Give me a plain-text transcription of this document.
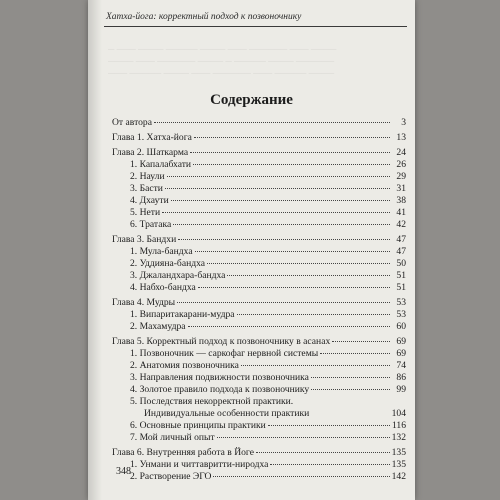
Хатха-йога: корректный подход к позвоночнику
─ ─── ──── ───── ──── ─── ────── ─── ────
──── ─── ────── ──── ─ ───── ──── ──────
─── ───── ──── ─── ────── ─── ───── ────
Содержание
От автора	3
Глава 1. Хатха-йога	13
Глава 2. Шаткарма	24
1. Капалабхати	26
2. Наули	29
3. Басти	31
4. Дхаути	38
5. Нети	41
6. Тратака	42
Глава 3. Бандхи	47
1. Мула-бандха	47
2. Уддияна-бандха	50
3. Джаландхара-бандха	51
4. Набхо-бандха	51
Глава 4. Мудры	53
1. Випаритакарани-мудра	53
2. Махамудра	60
Глава 5. Корректный подход к позвоночнику в асанах	69
1. Позвоночник — саркофаг нервной системы	69
2. Анатомия позвоночника	74
3. Направления подвижности позвоночника	86
4. Золотое правило подхода к позвоночнику	99
5. Последствия некорректной практики.
Индивидуальные особенности практики	104
6. Основные принципы практики	116
7. Мой личный опыт	132
Глава 6. Внутренняя работа в Йоге	135
1. Унмани и читтавритти-ниродха	135
2. Растворение ЭГО	142
348
